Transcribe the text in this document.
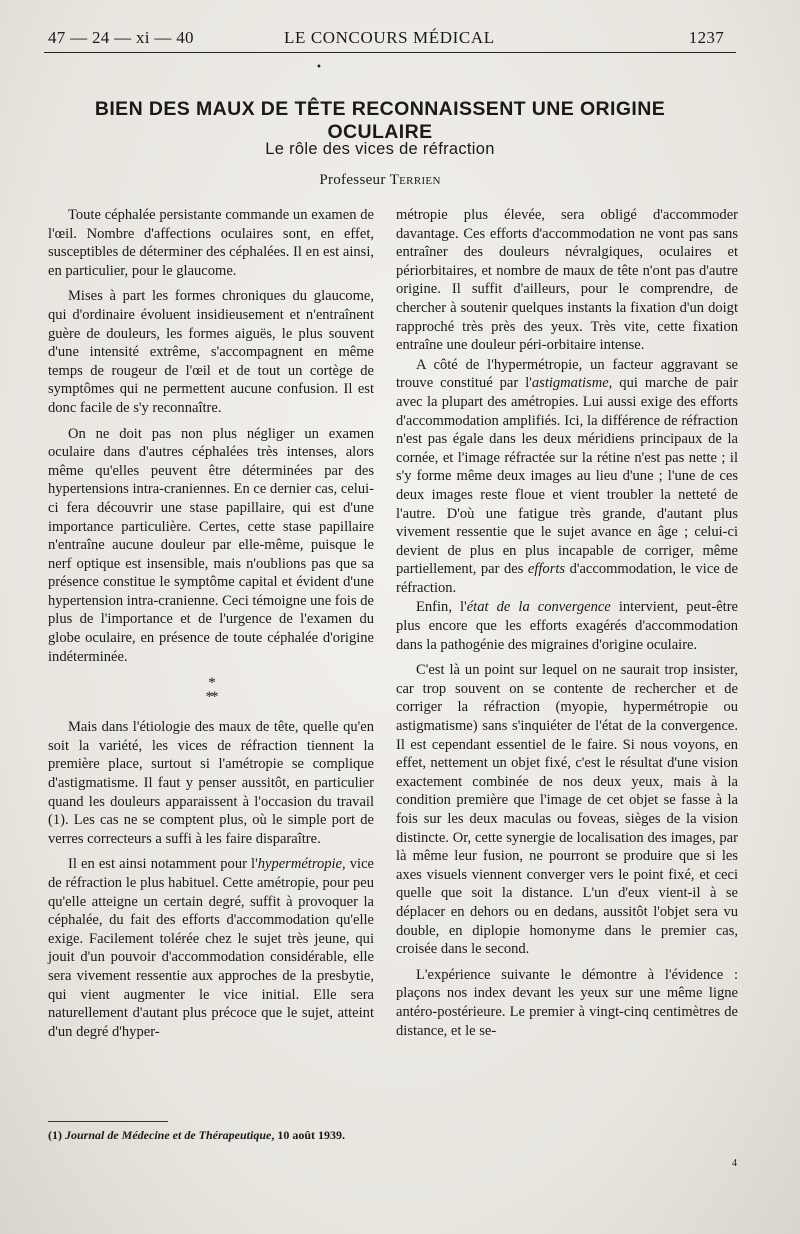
47 — 24 — xi — 40	LE CONCOURS MÉDICAL	1237
•
BIEN DES MAUX DE TÊTE RECONNAISSENT UNE ORIGINE OCULAIRE
Le rôle des vices de réfraction
Professeur Terrien

Toute céphalée persistante commande un examen de l'œil. Nombre d'affections oculaires sont, en effet, susceptibles de déterminer des céphalées. Il en est ainsi, en particulier, pour le glaucome.

Mises à part les formes chroniques du glaucome, qui d'ordinaire évoluent insidieusement et n'entraînent guère de douleurs, les formes aiguës, le plus souvent d'une intensité extrême, s'accompagnent en même temps de rougeur de l'œil et de tout un cortège de symptômes qui ne permettent aucune confusion. Il est donc facile de s'y reconnaître.

On ne doit pas non plus négliger un examen oculaire dans d'autres céphalées très intenses, alors même qu'elles peuvent être déterminées par des hypertensions intra-craniennes. En ce dernier cas, celui-ci fera découvrir une stase papillaire, qui est d'une importance particulière. Certes, cette stase papillaire n'entraîne aucune douleur par elle-même, puisque le nerf optique est insensible, mais n'oublions pas que sa présence constitue le symptôme capital et évident d'une hypertension intra-cranienne. Ceci témoigne une fois de plus de l'importance et de l'urgence de l'examen du globe oculaire, en présence de toute céphalée d'origine indéterminée.

*
**

Mais dans l'étiologie des maux de tête, quelle qu'en soit la variété, les vices de réfraction tiennent la première place, surtout si l'amétropie se complique d'astigmatisme. Il faut y penser aussitôt, en particulier quand les douleurs apparaissent à l'occasion du travail (1). Les cas ne se comptent plus, où le simple port de verres correcteurs a suffi à les faire disparaître.

Il en est ainsi notamment pour l'hypermétropie, vice de réfraction le plus habituel. Cette amétropie, pour peu qu'elle atteigne un certain degré, suffit à provoquer la céphalée, du fait des efforts d'accommodation qu'elle exige. Facilement tolérée chez le sujet très jeune, qui jouit d'un pouvoir d'accommodation considérable, elle sera vivement ressentie aux approches de la presbytie, qui vient augmenter le vice initial. Elle sera naturellement d'autant plus précoce que le sujet, atteint d'un degré d'hyper-

métropie plus élevée, sera obligé d'accommoder davantage. Ces efforts d'accommodation ne vont pas sans entraîner des douleurs névralgiques, oculaires et périorbitaires, et nombre de maux de tête n'ont pas d'autre origine. Il suffit d'ailleurs, pour le comprendre, de chercher à soutenir quelques instants la fixation d'un doigt rapproché très près des yeux. Très vite, cette fixation entraîne une douleur péri-orbitaire intense.

A côté de l'hypermétropie, un facteur aggravant se trouve constitué par l'astigmatisme, qui marche de pair avec la plupart des amétropies. Lui aussi exige des efforts d'accommodation amplifiés. Ici, la différence de réfraction n'est pas égale dans les deux méridiens principaux de la cornée, et l'image réfractée sur la rétine n'est pas nette ; il s'y forme même deux images au lieu d'une ; l'une de ces deux images reste floue et vient troubler la netteté de l'autre. D'où une fatigue très grande, d'autant plus vivement ressentie que le sujet avance en âge ; celui-ci devient de plus en plus incapable de corriger, même partiellement, par des efforts d'accommodation, le vice de réfraction.

Enfin, l'état de la convergence intervient, peut-être plus encore que les efforts exagérés d'accommodation dans la pathogénie des migraines d'origine oculaire.

C'est là un point sur lequel on ne saurait trop insister, car trop souvent on se contente de rechercher et de corriger la réfraction (myopie, hypermétropie ou astigmatisme) sans s'inquiéter de l'état de la convergence. Il est cependant essentiel de le faire. Si nous voyons, en effet, nettement un objet fixé, c'est le résultat d'une vision exactement combinée de nos deux yeux, mais à la condition première que l'image de cet objet se fasse à la fois sur les deux maculas ou foveas, sièges de la vision distincte. Or, cette synergie de localisation des images, par là même leur fusion, ne pourront se produire que si les axes visuels viennent converger vers le point fixé, et ceci quelle que soit la distance. L'un d'eux vient-il à se déplacer en dehors ou en dedans, aussitôt l'objet sera vu double, en diplopie homonyme dans le premier cas, croisée dans le second.

L'expérience suivante le démontre à l'évidence : plaçons nos index devant les yeux sur une même ligne antéro-postérieure. Le premier à vingt-cinq centimètres de distance, et le se-

(1) Journal de Médecine et de Thérapeutique, 10 août 1939.
4
